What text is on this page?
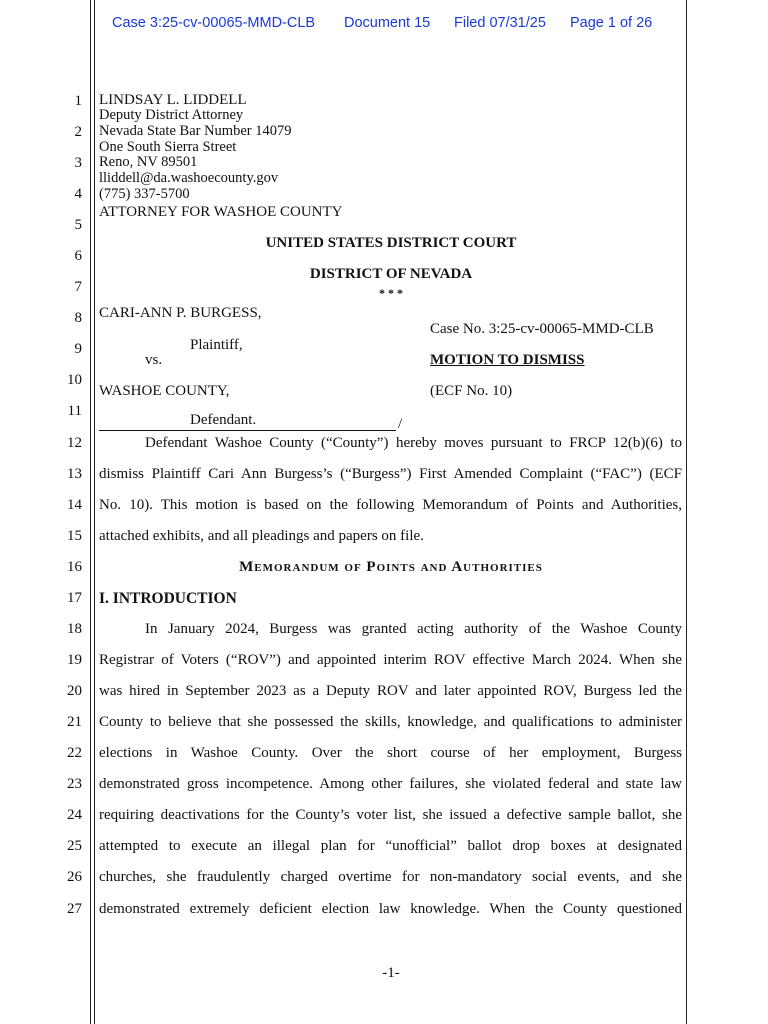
Case 3:25-cv-00065-MMD-CLB Document 15 Filed 07/31/25 Page 1 of 26
1
2
3
4
5
6
7
8
9
10
11
12
13
14
15
16
17
18
19
20
21
22
23
24
25
26
27
LINDSAY L. LIDDELL
Deputy District Attorney
Nevada State Bar Number 14079
One South Sierra Street
Reno, NV 89501
lliddell@da.washoecounty.gov
(775) 337-5700
ATTORNEY FOR WASHOE COUNTY
UNITED STATES DISTRICT COURT
DISTRICT OF NEVADA
* * *
CARI-ANN P. BURGESS,
Case No. 3:25-cv-00065-MMD-CLB
Plaintiff,
vs.	MOTION TO DISMISS
WASHOE COUNTY,	(ECF No. 10)
Defendant.	/
Defendant Washoe County (“County”) hereby moves pursuant to FRCP 12(b)(6) to
dismiss Plaintiff Cari Ann Burgess’s (“Burgess”) First Amended Complaint (“FAC”) (ECF
No. 10). This motion is based on the following Memorandum of Points and Authorities,
attached exhibits, and all pleadings and papers on file.
Memorandum of Points and Authorities
I. INTRODUCTION
In January 2024, Burgess was granted acting authority of the Washoe County
Registrar of Voters (“ROV”) and appointed interim ROV effective March 2024. When she
was hired in September 2023 as a Deputy ROV and later appointed ROV, Burgess led the
County to believe that she possessed the skills, knowledge, and qualifications to administer
elections in Washoe County. Over the short course of her employment, Burgess
demonstrated gross incompetence. Among other failures, she violated federal and state law
requiring deactivations for the County’s voter list, she issued a defective sample ballot, she
attempted to execute an illegal plan for “unofficial” ballot drop boxes at designated
churches, she fraudulently charged overtime for non-mandatory social events, and she
demonstrated extremely deficient election law knowledge. When the County questioned
-1-
